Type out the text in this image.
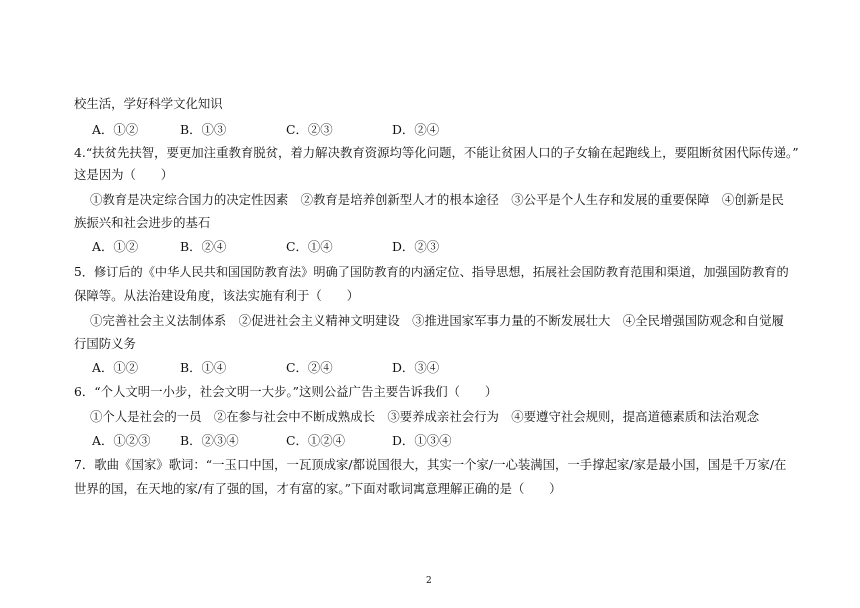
校生活，学好科学文化知识
A．①②	B．①③	C．②③	D．②④
4.“扶贫先扶智，要更加注重教育脱贫，着力解决教育资源均等化问题，不能让贫困人口的子女输在起跑线上，要阻断贫困代际传递。”
这是因为（　　）
①教育是决定综合国力的决定性因素　②教育是培养创新型人才的根本途径　③公平是个人生存和发展的重要保障　④创新是民
族振兴和社会进步的基石
A．①②	B．②④	C．①④	D．②③
5．修订后的《中华人民共和国国防教育法》明确了国防教育的内涵定位、指导思想，拓展社会国防教育范围和渠道，加强国防教育的
保障等。从法治建设角度，该法实施有利于（　　）
①完善社会主义法制体系　②促进社会主义精神文明建设　③推进国家军事力量的不断发展壮大　④全民增强国防观念和自觉履
行国防义务
A．①②	B．①④	C．②④	D．③④
6．“个人文明一小步，社会文明一大步。”这则公益广告主要告诉我们（　　）
①个人是社会的一员　②在参与社会中不断成熟成长　③要养成亲社会行为　④要遵守社会规则，提高道德素质和法治观念
A．①②③ B．②③④	C．①②④	D．①③④
7．歌曲《国家》歌词：“一玉口中国，一瓦顶成家/都说国很大，其实一个家/一心装满国，一手撑起家/家是最小国，国是千万家/在
世界的国，在天地的家/有了强的国，才有富的家。”下面对歌词寓意理解正确的是（　　）
2
